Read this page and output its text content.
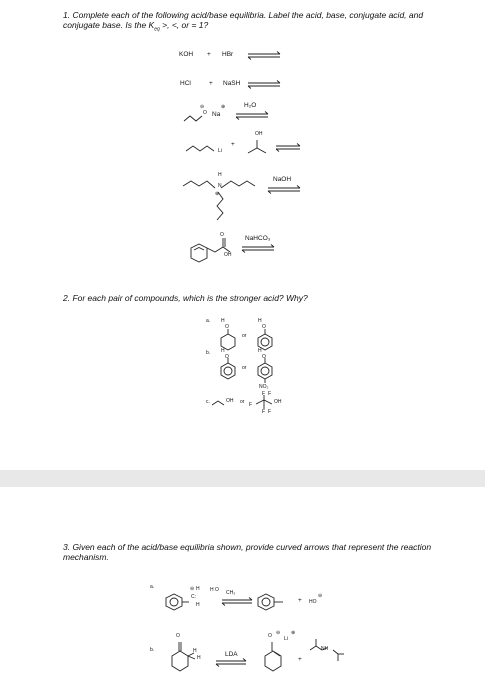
1. Complete each of the following acid/base equilibria. Label the acid, base, conjugate acid, and conjugate base. Is the $K_{eq}$ >, <, or = 1?
KOH + HBr ⇌
HCl	+ NaSH ⇌
O
⊖	⊕
Na
H₂O
Li
+
OH
H
N
⊕
NaOH
O
OH
NaHCO₃
2. For each pair of compounds, which is the stronger acid? Why?
a. H
O
or
H
O
b. H
O
or
H
O
NO₂
c.	OH or
F F
F
F F
OH
3. Given each of the acid/base equilibria shown, provide curved arrows that represent the reaction mechanism.
a.	⊖ H
C:
H
H O CH₃
+ HO
⊖
b.
O
H
H	LDA
O ⊖
Li
⊕
+
NH
